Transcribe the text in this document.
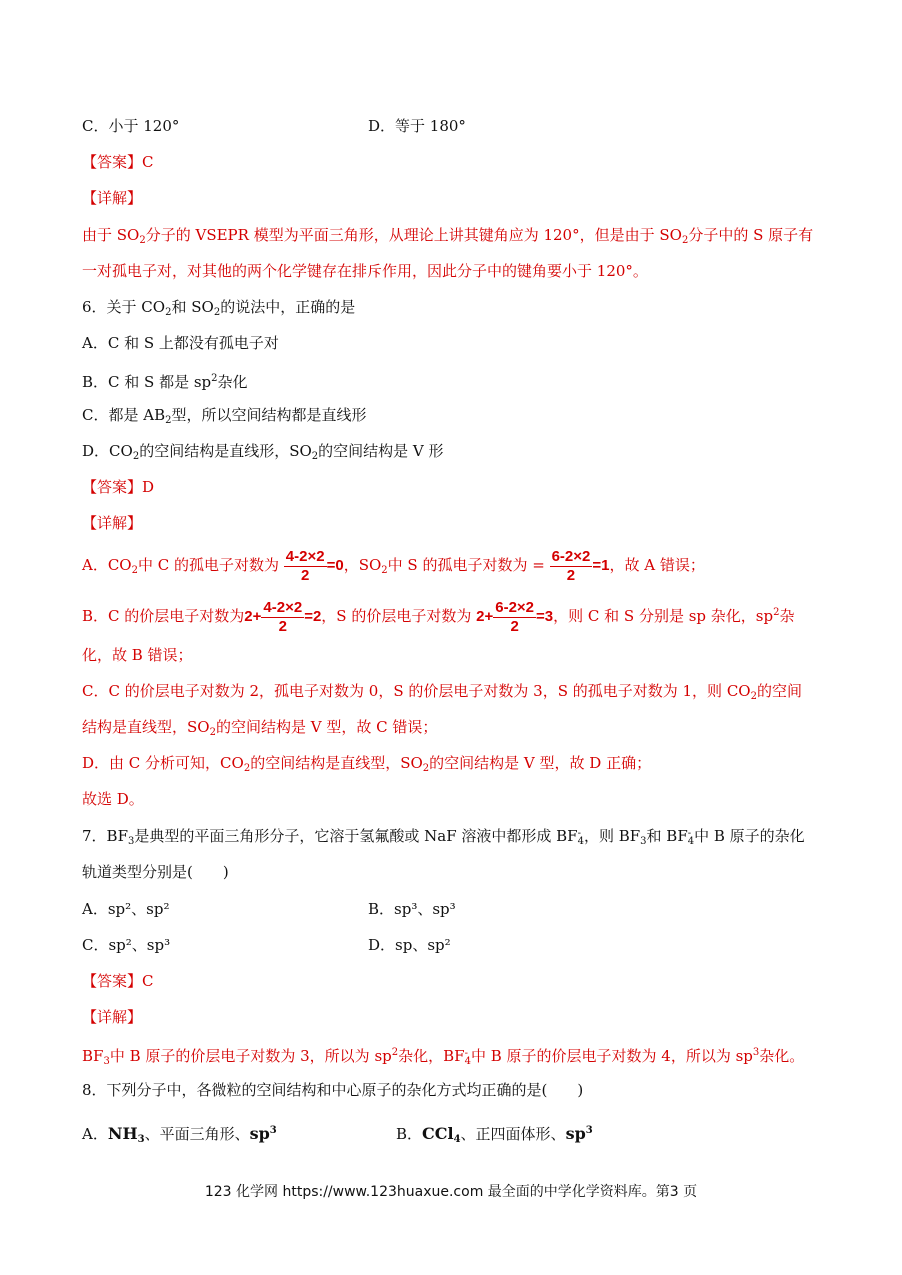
C．小于 120°	D．等于 180°
【答案】C
【详解】
由于 $SO_2$分子的 VSEPR 模型为平面三角形，从理论上讲其键角应为 120°，但是由于 $SO_2$分子中的 S 原子有
一对孤电子对，对其他的两个化学键存在排斥作用，因此分子中的键角要小于 120°。
6．关于 $CO_2$和 $SO_2$的说法中，正确的是
A．C 和 S 上都没有孤电子对
B．C 和 S 都是 $sp^2$杂化
C．都是 $AB_2$型，所以空间结构都是直线形
D．$CO_2$的空间结构是直线形，$SO_2$的空间结构是 V 形
【答案】D
【详解】
A．$CO_2$中 C 的孤电子对数为 $\frac{4-2\times 2}{2} =0$，$SO_2$中 S 的孤电子对数为 = $\frac{6-2\times 2}{2} =1$，故 A 错误；
B．C 的价层电子对数为$2+ \frac{4-2\times 2}{2} =2$，S 的价层电子对数为 $2+ \frac{6-2\times 2}{2} =3$，则 C 和 S 分别是 sp 杂化，$sp^2$杂
化，故 B 错误；
C．C 的价层电子对数为 2，孤电子对数为 0，S 的价层电子对数为 3，S 的孤电子对数为 1，则 $CO_2$的空间
结构是直线型，$SO_2$的空间结构是 V 型，故 C 错误；
D．由 C 分析可知，$CO_2$的空间结构是直线型，$SO_2$的空间结构是 V 型，故 D 正确；
故选 D。
7．$BF_3$是典型的平面三角形分子，它溶于氢氟酸或 NaF 溶液中都形成 BF -
$_4$，则 $BF_3$和 BF -
$_4$中 B 原子的杂化
轨道类型分别是(　　)
A．sp²、sp²	B．sp³、sp³
C．sp²、sp³	D．sp、sp²
【答案】C
【详解】
$BF_3$中 B 原子的价层电子对数为 3，所以为 $sp^2$杂化，BF -
$_4$中 B 原子的价层电子对数为 4，所以为 $sp^3$杂化。
8．下列分子中，各微粒的空间结构和中心原子的杂化方式均正确的是(　　)
A．$NH_3$、平面三角形、$sp^3$	B．CCl$_4$、正四面体形、$sp^3$
123 化学网 https://www.123huaxue.com 最全面的中学化学资料库。第3 页
